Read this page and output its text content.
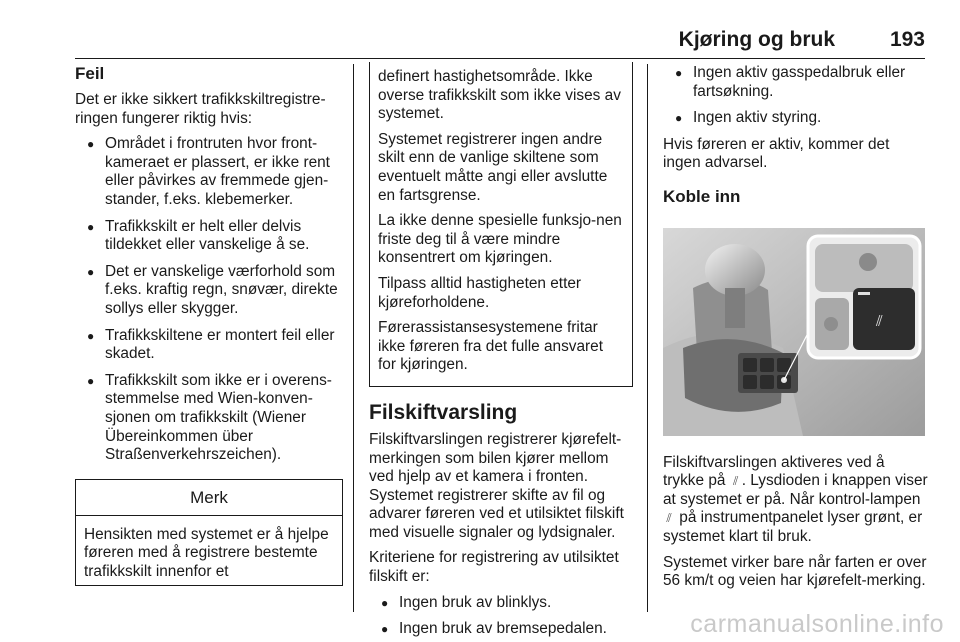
Kjøring og bruk	193
Feil

Det er ikke sikkert trafikkskiltregistre-ringen fungerer riktig hvis:

● Området i frontruten hvor front-kameraet er plassert, er ikke rent eller påvirkes av fremmede gjen-stander, f.eks. klebemerker.
● Trafikkskilt er helt eller delvis tildekket eller vanskelige å se.
● Det er vanskelige værforhold som f.eks. kraftig regn, snøvær, direkte sollys eller skygger.
● Trafikkskiltene er montert feil eller skadet.
● Trafikkskilt som ikke er i overens-stemmelse med Wien-konven-sjonen om trafikkskilt (Wiener Übereinkommen über Straßenverkehrszeichen).
Merk
Hensikten med systemet er å hjelpe føreren med å registrere bestemte trafikkskilt innenfor et

definert hastighetsområde. Ikke overse trafikkskilt som ikke vises av systemet.

Systemet registrerer ingen andre skilt enn de vanlige skiltene som eventuelt måtte angi eller avslutte en fartsgrense.

La ikke denne spesielle funksjo-nen friste deg til å være mindre konsentrert om kjøringen.

Tilpass alltid hastigheten etter kjøreforholdene.

Førerassistansesystemene fritar ikke føreren fra det fulle ansvaret for kjøringen.

Filskiftvarsling

Filskiftvarslingen registrerer kjørefelt-merkingen som bilen kjører mellom ved hjelp av et kamera i fronten. Systemet registrerer skifte av fil og advarer føreren ved et utilsiktet filskift med visuelle signaler og lydsignaler.

Kriteriene for registrering av utilsiktet filskift er:

● Ingen bruk av blinklys.
● Ingen bruk av bremsepedalen.
● Ingen aktiv gasspedalbruk eller fartsøkning.
● Ingen aktiv styring.

Hvis føreren er aktiv, kommer det ingen advarsel.

Koble inn
⫽

Filskiftvarslingen aktiveres ved å trykke på ⫽ . Lysdioden i knappen viser at systemet er på. Når kontrol-lampen ⫽ på instrumentpanelet lyser grønt, er systemet klart til bruk.

Systemet virker bare når farten er over 56 km/t og veien har kjørefelt-merking.

carmanualsonline.info
